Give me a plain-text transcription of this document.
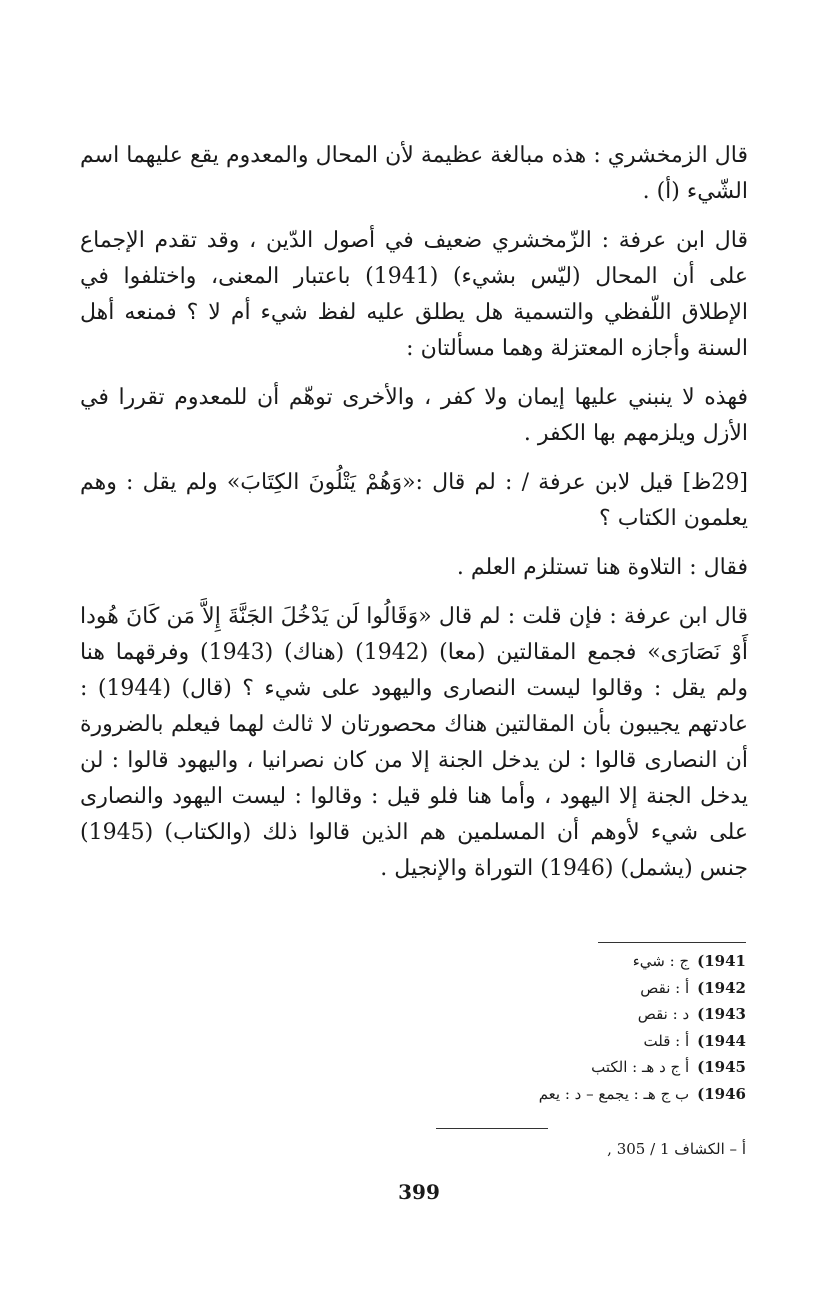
قال الزمخشري : هذه مبالغة عظيمة لأن المحال والمعدوم يقع عليهما اسم الشّيء (أ) .

قال ابن عرفة : الزّمخشري ضعيف في أصول الدّين ، وقد تقدم الإجماع على أن المحال (ليّس بشيء) (1941) باعتبار المعنى، واختلفوا في الإطلاق اللّفظي والتسمية هل يطلق عليه لفظ شيء أم لا ؟ فمنعه أهل السنة وأجازه المعتزلة وهما مسألتان :

فهذه لا ينبني عليها إيمان ولا كفر ، والأخرى توهّم أن للمعدوم تقررا في الأزل ويلزمهم بها الكفر .

[29ظ] قيل لابن عرفة / : لم قال :«وَهُمْ يَتْلُونَ الكِتَابَ» ولم يقل : وهم يعلمون الكتاب ؟

فقال : التلاوة هنا تستلزم العلم .

قال ابن عرفة : فإن قلت : لم قال «وَقَالُوا لَن يَدْخُلَ الجَنَّةَ إِلاَّ مَن كَانَ هُودا أَوْ نَصَارَى» فجمع المقالتين (معا) (1942) (هناك) (1943) وفرقهما هنا ولم يقل : وقالوا ليست النصارى واليهود على شيء ؟ (قال) (1944) : عادتهم يجيبون بأن المقالتين هناك محصورتان لا ثالث لهما فيعلم بالضرورة أن النصارى قالوا : لن يدخل الجنة إلا من كان نصرانيا ، واليهود قالوا : لن يدخل الجنة إلا اليهود ، وأما هنا فلو قيل : وقالوا : ليست اليهود والنصارى على شيء لأوهم أن المسلمين هم الذين قالوا ذلك (والكتاب) (1945) جنس (يشمل) (1946) التوراة والإنجيل .

1941)ج : شيء
1942)أ : نقص
1943)د : نقص
1944)أ : قلت
1945)أ ج د هـ : الكتب
1946)ب ج هـ : يجمع – د : يعم
أ – الكشاف 1 / 305 ,
399
